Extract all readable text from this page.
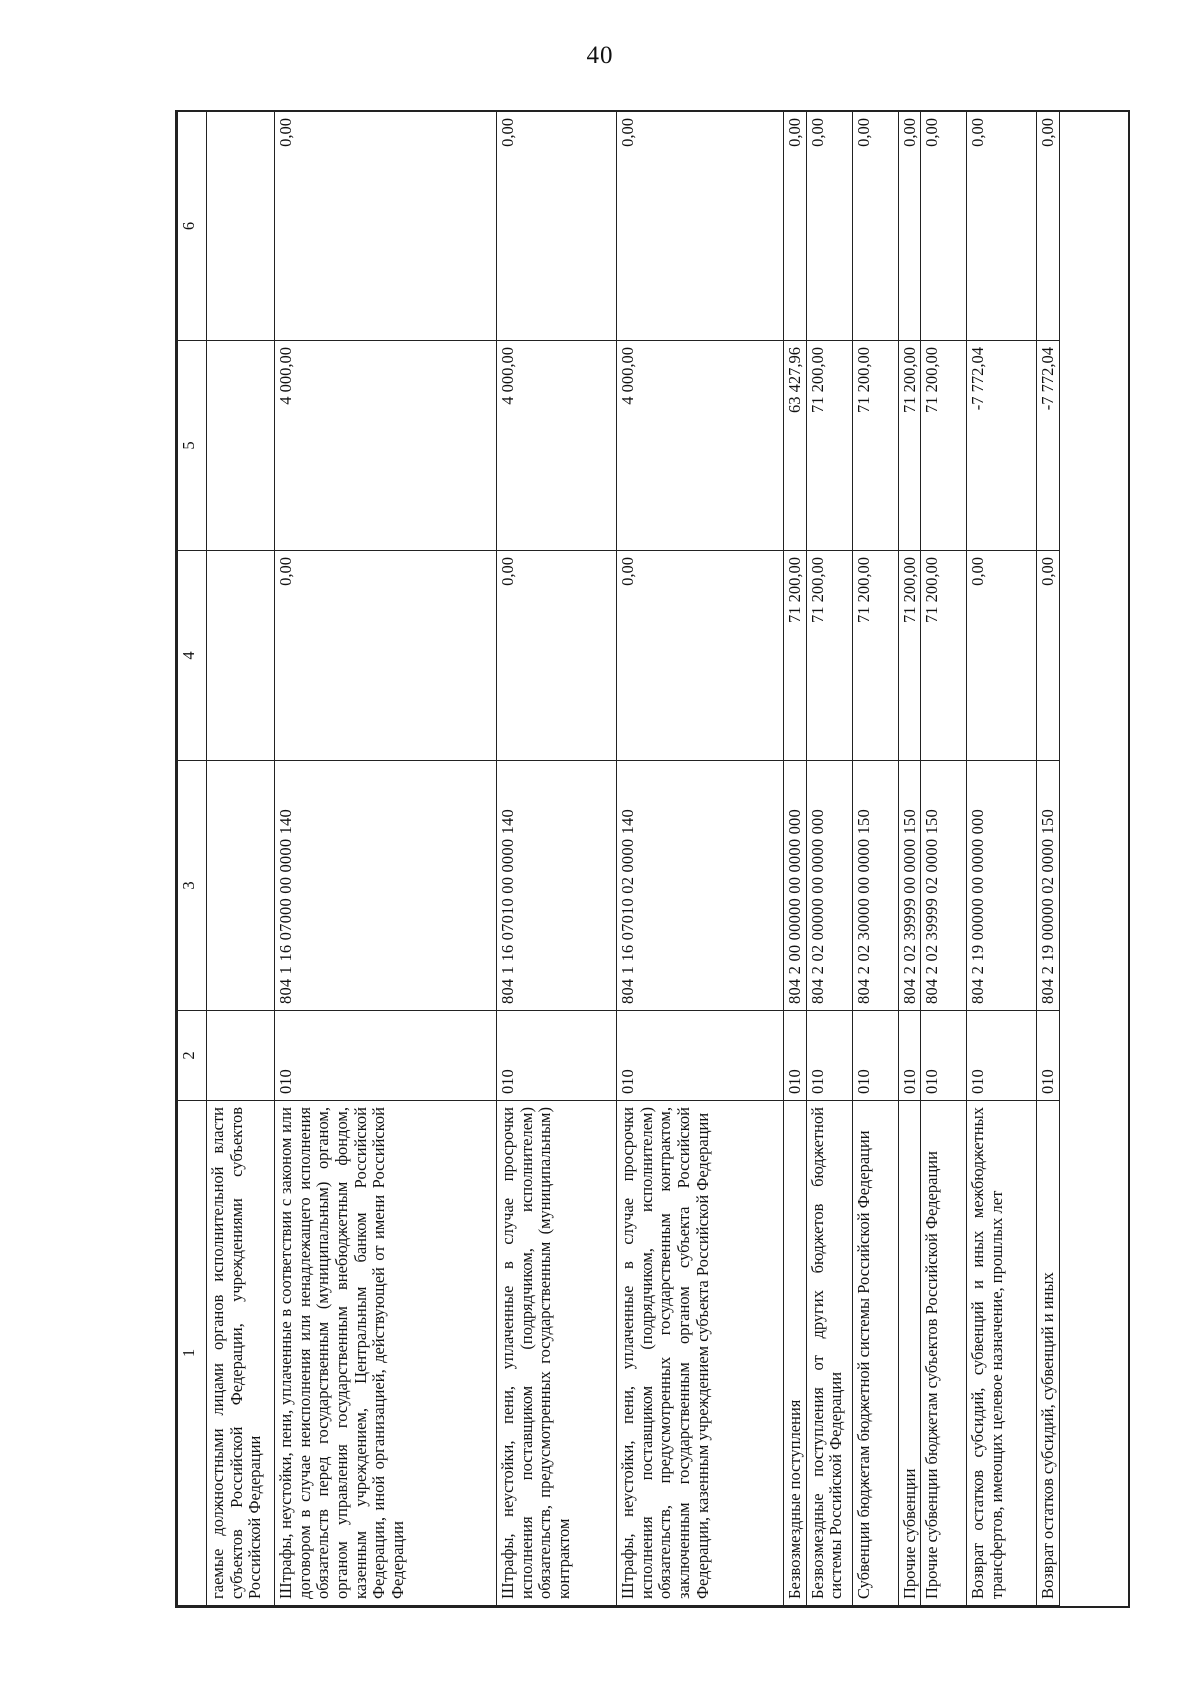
40
1	2	3	4	5	6
гаемые должностными лицами органов исполнительной власти субъектов Российской Федерации, учреждениями субъектов Российской Федерации					
Штрафы, неустойки, пени, уплаченные в соответствии с законом или договором в случае неисполнения или ненадлежащего исполнения обязательств перед государственным (муниципальным) органом, органом управления государственным внебюджетным фондом, казенным учреждением, Центральным банком Российской Федерации, иной организацией, действующей от имени Российской Федерации	010	804 1 16 07000 00 0000 140	0,00	4 000,00	0,00
Штрафы, неустойки, пени, уплаченные в случае просрочки исполнения поставщиком (подрядчиком, исполнителем) обязательств, предусмотренных государственным (муниципальным) контрактом	010	804 1 16 07010 00 0000 140	0,00	4 000,00	0,00
Штрафы, неустойки, пени, уплаченные в случае просрочки исполнения поставщиком (подрядчиком, исполнителем) обязательств, предусмотренных государственным контрактом, заключенным государственным органом субъекта Российской Федерации, казенным учреждением субъекта Российской Федерации	010	804 1 16 07010 02 0000 140	0,00	4 000,00	0,00
Безвозмездные поступления	010	804 2 00 00000 00 0000 000	71 200,00	63 427,96	0,00
Безвозмездные поступления от других бюджетов бюджетной системы Российской Федерации	010	804 2 02 00000 00 0000 000	71 200,00	71 200,00	0,00
Субвенции бюджетам бюджетной системы Российской Федерации	010	804 2 02 30000 00 0000 150	71 200,00	71 200,00	0,00
Прочие субвенции	010	804 2 02 39999 00 0000 150	71 200,00	71 200,00	0,00
Прочие субвенции бюджетам субъектов Российской Федерации	010	804 2 02 39999 02 0000 150	71 200,00	71 200,00	0,00
Возврат остатков субсидий, субвенций и иных межбюджетных трансфертов, имеющих целевое назначение, прошлых лет	010	804 2 19 00000 00 0000 000	0,00	-7 772,04	0,00
Возврат остатков субсидий, субвенций и иных	010	804 2 19 00000 02 0000 150	0,00	-7 772,04	0,00
